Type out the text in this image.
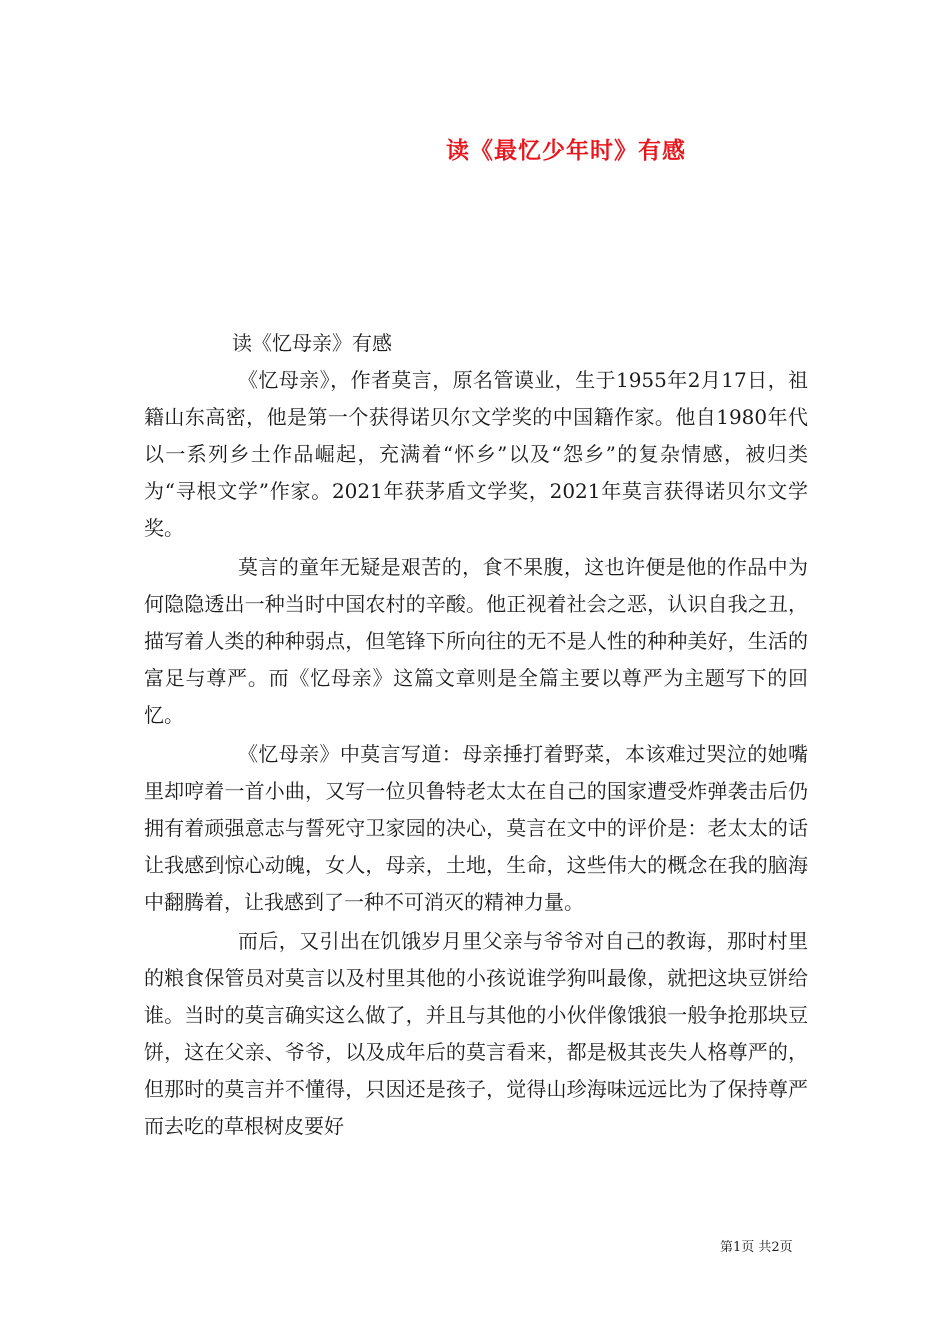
读《最忆少年时》有感
读《忆母亲》有感

《忆母亲》，作者莫言，原名管谟业，生于1955年2月17日，祖籍山东高密，他是第一个获得诺贝尔文学奖的中国籍作家。他自1980年代以一系列乡土作品崛起，充满着“怀乡”以及“怨乡”的复杂情感，被归类为“寻根文学”作家。2021年获茅盾文学奖，2021年莫言获得诺贝尔文学奖。

莫言的童年无疑是艰苦的，食不果腹，这也许便是他的作品中为何隐隐透出一种当时中国农村的辛酸。他正视着社会之恶，认识自我之丑，描写着人类的种种弱点，但笔锋下所向往的无不是人性的种种美好，生活的富足与尊严。而《忆母亲》这篇文章则是全篇主要以尊严为主题写下的回忆。

《忆母亲》中莫言写道：母亲捶打着野菜，本该难过哭泣的她嘴里却哼着一首小曲，又写一位贝鲁特老太太在自己的国家遭受炸弹袭击后仍拥有着顽强意志与誓死守卫家园的决心，莫言在文中的评价是：老太太的话让我感到惊心动魄，女人，母亲，土地，生命，这些伟大的概念在我的脑海中翻腾着，让我感到了一种不可消灭的精神力量。

而后，又引出在饥饿岁月里父亲与爷爷对自己的教诲，那时村里的粮食保管员对莫言以及村里其他的小孩说谁学狗叫最像，就把这块豆饼给谁。当时的莫言确实这么做了，并且与其他的小伙伴像饿狼一般争抢那块豆饼，这在父亲、爷爷，以及成年后的莫言看来，都是极其丧失人格尊严的，但那时的莫言并不懂得，只因还是孩子，觉得山珍海味远远比为了保持尊严而去吃的草根树皮要好

第1页 共2页
